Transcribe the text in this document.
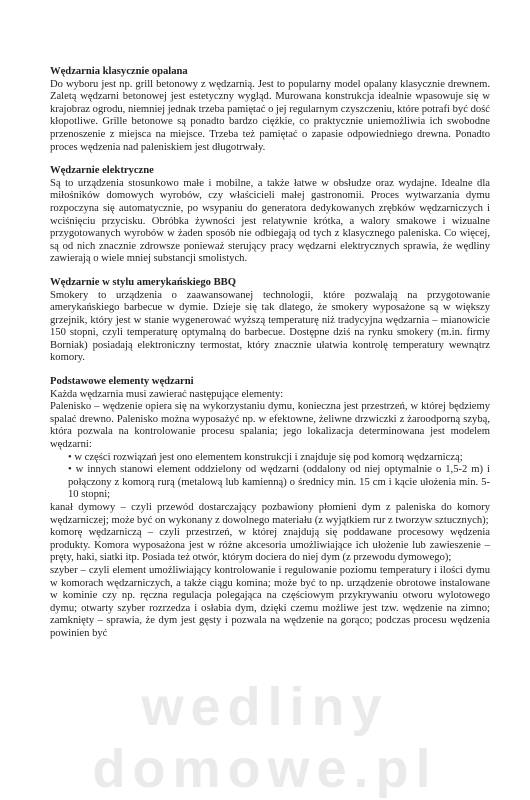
Wędzarnia klasycznie opalana

Do wyboru jest np. grill betonowy z wędzarnią. Jest to popularny model opalany klasycznie drewnem. Zaletą wędzarni betonowej jest estetyczny wygląd. Murowana konstrukcja idealnie wpasowuje się w krajobraz ogrodu, niemniej jednak trzeba pamiętać o jej regularnym czyszczeniu, które potrafi być dość kłopotliwe. Grille betonowe są ponadto bardzo ciężkie, co praktycznie uniemożliwia ich swobodne przenoszenie z miejsca na miejsce. Trzeba też pamiętać o zapasie odpowiedniego drewna. Ponadto proces wędzenia nad paleniskiem jest długotrwały.

Wędzarnie elektryczne

Są to urządzenia stosunkowo małe i mobilne, a także łatwe w obsłudze oraz wydajne. Idealne dla miłośników domowych wyrobów, czy właścicieli małej gastronomii. Proces wytwarzania dymu rozpoczyna się automatycznie, po wsypaniu do generatora dedykowanych zrębków wędzarniczych i wciśnięciu przycisku. Obróbka żywności jest relatywnie krótka, a walory smakowe i wizualne przygotowanych wyrobów w żaden sposób nie odbiegają od tych z klasycznego paleniska. Co więcej, są od nich znacznie zdrowsze ponieważ sterujący pracy wędzarni elektrycznych sprawia, że wędliny zawierają o wiele mniej substancji smolistych.

Wędzarnie w stylu amerykańskiego BBQ

Smokery to urządzenia o zaawansowanej technologii, które pozwalają na przygotowanie amerykańskiego barbecue w dymie. Dzieje się tak dlatego, że smokery wyposażone są w większy grzejnik, który jest w stanie wygenerować wyższą temperaturę niż tradycyjna wędzarnia – mianowicie 150 stopni, czyli temperaturę optymalną do barbecue. Dostępne dziś na rynku smokery (m.in. firmy Borniak) posiadają elektroniczny termostat, który znacznie ułatwia kontrolę temperatury wewnątrz komory.

Podstawowe elementy wędzarni

Każda wędzarnia musi zawierać następujące elementy:

Palenisko – wędzenie opiera się na wykorzystaniu dymu, konieczna jest przestrzeń, w której będziemy spalać drewno. Palenisko można wyposażyć np. w efektowne, żeliwne drzwiczki z żaroodporną szybą, która pozwala na kontrolowanie procesu spalania; jego lokalizacja determinowana jest modelem wędzarni:

• w części rozwiązań jest ono elementem konstrukcji i znajduje się pod komorą wędzarniczą;

• w innych stanowi element oddzielony od wędzarni (oddalony od niej optymalnie o 1,5-2 m) i połączony z komorą rurą (metalową lub kamienną) o średnicy min. 15 cm i kącie ułożenia min. 5-10 stopni;

kanał dymowy – czyli przewód dostarczający pozbawiony płomieni dym z paleniska do komory wędzarniczej; może być on wykonany z dowolnego materiału (z wyjątkiem rur z tworzyw sztucznych);

komorę wędzarniczą – czyli przestrzeń, w której znajdują się poddawane procesowy wędzenia produkty. Komora wyposażona jest w różne akcesoria umożliwiające ich ułożenie lub zawieszenie – pręty, haki, siatki itp. Posiada też otwór, którym dociera do niej dym (z przewodu dymowego);

szyber – czyli element umożliwiający kontrolowanie i regulowanie poziomu temperatury i ilości dymu w komorach wędzarniczych, a także ciągu komina; może być to np. urządzenie obrotowe instalowane w kominie czy np. ręczna regulacja polegająca na częściowym przykrywaniu otworu wylotowego dymu; otwarty szyber rozrzedza i osłabia dym, dzięki czemu możliwe jest tzw. wędzenie na zimno; zamknięty – sprawia, że dym jest gęsty i pozwala na wędzenie na gorąco; podczas procesu wędzenia powinien być

wedliny domowe.pl
